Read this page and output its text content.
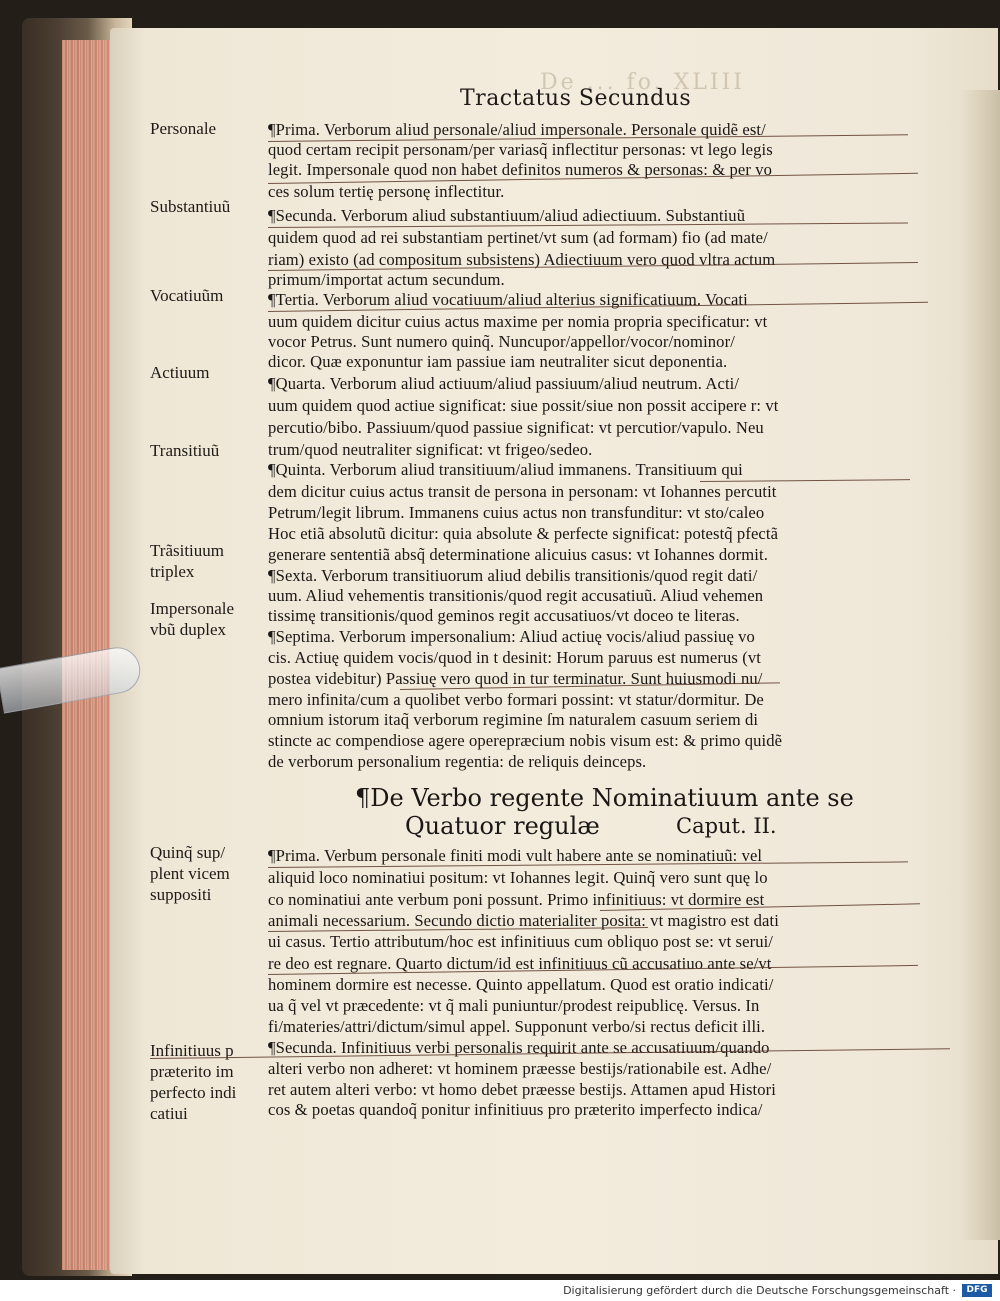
De ... fo. XLIII
Tractatus Secundus
Personale
Substantiuũ
Vocatiuũm
Actiuum
Transitiuũ
Trãsitiuum
triplex
Impersonale
vbũ duplex
Quinq̃ sup/
plent vicem
suppositi
Infinitiuus p
præterito im
perfecto indi
catiui
¶Prima. Verborum aliud personale/aliud impersonale. Personale quidẽ est/
quod certam recipit personam/per variasq̃ inflectitur personas: vt lego legis
legit. Impersonale quod non habet definitos numeros & personas: & per vo
ces solum tertię personę inflectitur.
¶Secunda. Verborum aliud substantiuum/aliud adiectiuum. Substantiuũ
quidem quod ad rei substantiam pertinet/vt sum (ad formam) fio (ad mate/
riam) existo (ad compositum subsistens) Adiectiuum vero quod vltra actum
primum/importat actum secundum.
¶Tertia. Verborum aliud vocatiuum/aliud alterius significatiuum. Vocati
uum quidem dicitur cuius actus maxime per nomia propria specificatur: vt
vocor Petrus. Sunt numero quinq̃. Nuncupor/appellor/vocor/nominor/
dicor. Quæ exponuntur iam passiue iam neutraliter sicut deponentia.
¶Quarta. Verborum aliud actiuum/aliud passiuum/aliud neutrum. Acti/
uum quidem quod actiue significat: siue possit/siue non possit accipere r: vt
percutio/bibo. Passiuum/quod passiue significat: vt percutior/vapulo. Neu
trum/quod neutraliter significat: vt frigeo/sedeo.
¶Quinta. Verborum aliud transitiuum/aliud immanens. Transitiuum qui
dem dicitur cuius actus transit de persona in personam: vt Iohannes percutit
Petrum/legit librum. Immanens cuius actus non transfunditur: vt sto/caleo
Hoc etiã absolutũ dicitur: quia absolute & perfecte significat: potestq̃ pfectã
generare sententiã absq̃ determinatione alicuius casus: vt Iohannes dormit.
¶Sexta. Verborum transitiuorum aliud debilis transitionis/quod regit dati/
uum. Aliud vehementis transitionis/quod regit accusatiuũ. Aliud vehemen
tissimę transitionis/quod geminos regit accusatiuos/vt doceo te literas.
¶Septima. Verborum impersonalium: Aliud actiuę vocis/aliud passiuę vo
cis. Actiuę quidem vocis/quod in t desinit: Horum paruus est numerus (vt
postea videbitur) Passiuę vero quod in tur terminatur. Sunt huiusmodi nu/
mero infinita/cum a quolibet verbo formari possint: vt statur/dormitur. De
omnium istorum itaq̃ verborum regimine ſm naturalem casuum seriem di
stincte ac compendiose agere operepræcium nobis visum est: & primo quidẽ
de verborum personalium regentia: de reliquis deinceps.
¶De Verbo regente Nominatiuum ante se
Quatuor regulæ	Caput. II.
¶Prima. Verbum personale finiti modi vult habere ante se nominatiuũ: vel
aliquid loco nominatiui positum: vt Iohannes legit. Quinq̃ vero sunt quę lo
co nominatiui ante verbum poni possunt. Primo infinitiuus: vt dormire est
animali necessarium. Secundo dictio materialiter posita: vt magistro est dati
ui casus. Tertio attributum/hoc est infinitiuus cum obliquo post se: vt serui/
re deo est regnare. Quarto dictum/id est infinitiuus cũ accusatiuo ante se/vt
hominem dormire est necesse. Quinto appellatum. Quod est oratio indicati/
ua q̃ vel vt præcedente: vt q̃ mali puniuntur/prodest reipublicę. Versus. In
fi/materies/attri/dictum/simul appel. Supponunt verbo/si rectus deficit illi.
¶Secunda. Infinitiuus verbi personalis requirit ante se accusatiuum/quando
alteri verbo non adheret: vt hominem præesse bestijs/rationabile est. Adhe/
ret autem alteri verbo: vt homo debet præesse bestijs. Attamen apud Histori
cos & poetas quandoq̃ ponitur infinitiuus pro præterito imperfecto indica/
Digitalisierung gefördert durch die Deutsche Forschungsgemeinschaft ·	DFG
